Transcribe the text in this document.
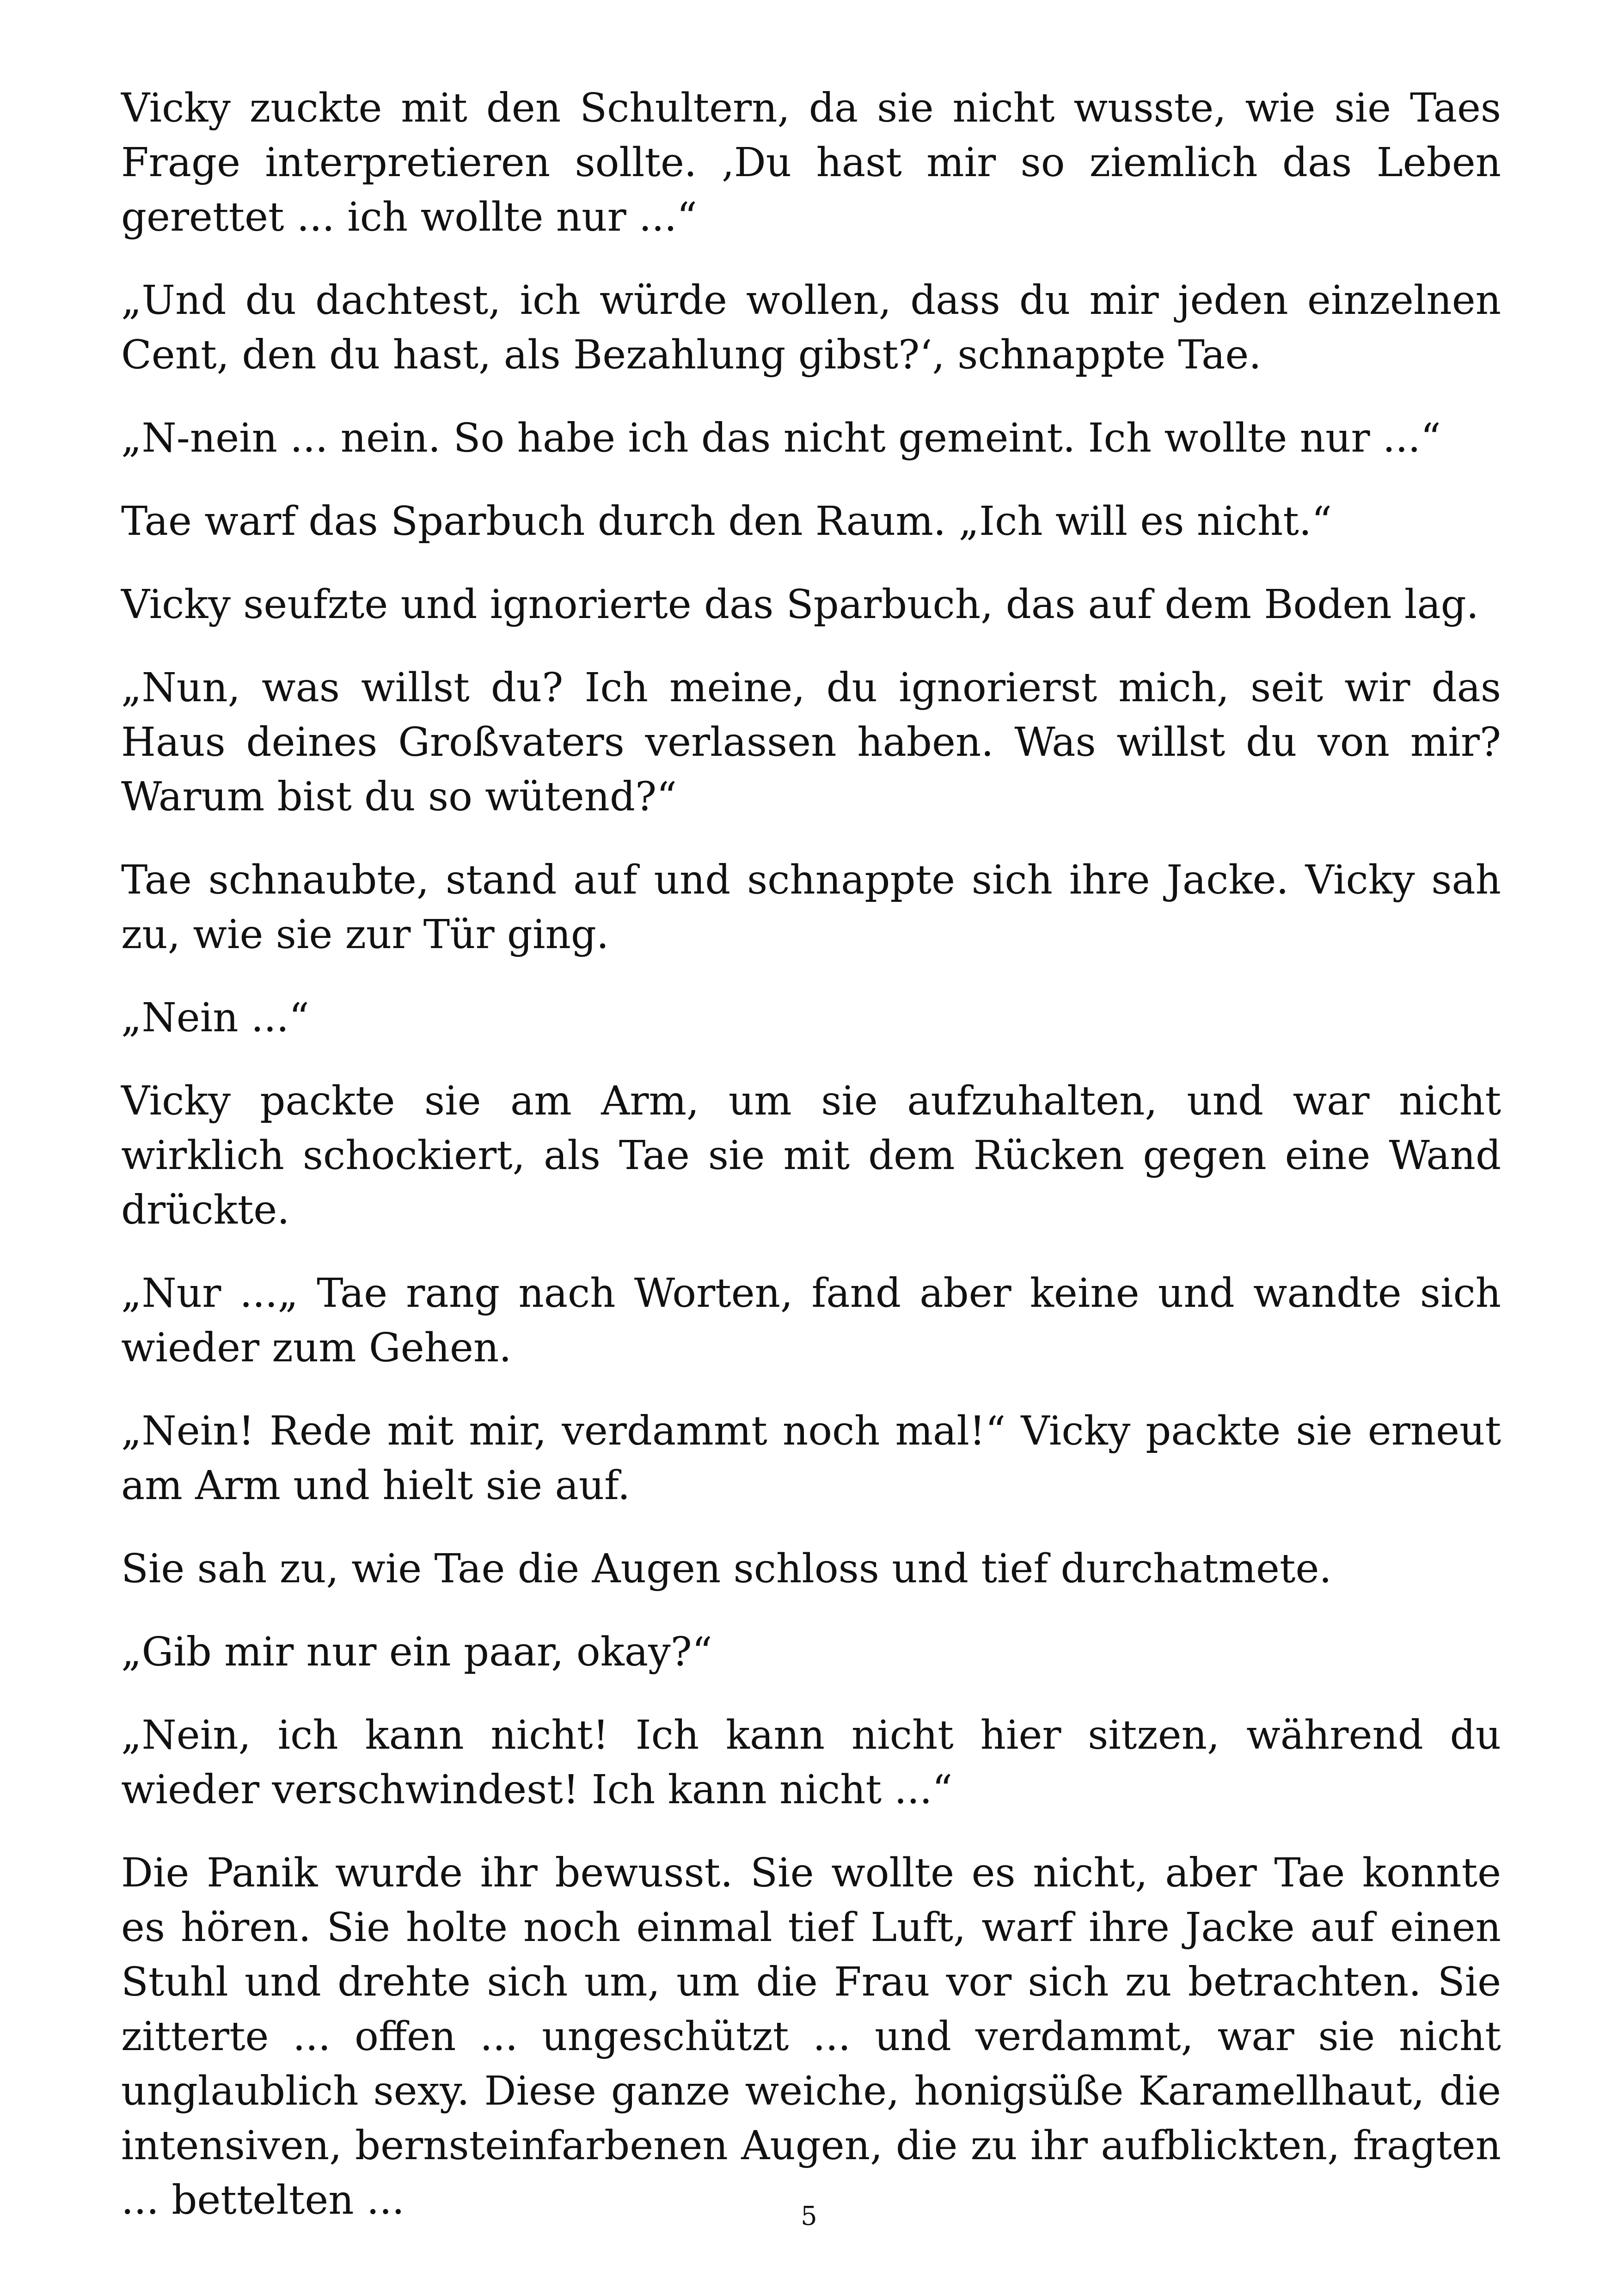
Vicky zuckte mit den Schultern, da sie nicht wusste, wie sie Taes Frage interpretieren sollte. ‚Du hast mir so ziemlich das Leben gerettet ... ich wollte nur ...“

„Und du dachtest, ich würde wollen, dass du mir jeden einzelnen Cent, den du hast, als Bezahlung gibst?‘, schnappte Tae.

„N-nein ... nein. So habe ich das nicht gemeint. Ich wollte nur ...“

Tae warf das Sparbuch durch den Raum. „Ich will es nicht.“

Vicky seufzte und ignorierte das Sparbuch, das auf dem Boden lag.

„Nun, was willst du? Ich meine, du ignorierst mich, seit wir das Haus deines Großvaters verlassen haben. Was willst du von mir? Warum bist du so wütend?“

Tae schnaubte, stand auf und schnappte sich ihre Jacke. Vicky sah zu, wie sie zur Tür ging.

„Nein ...“

Vicky packte sie am Arm, um sie aufzuhalten, und war nicht wirklich schockiert, als Tae sie mit dem Rücken gegen eine Wand drückte.

„Nur ...„ Tae rang nach Worten, fand aber keine und wandte sich wieder zum Gehen.

„Nein! Rede mit mir, verdammt noch mal!“ Vicky packte sie erneut am Arm und hielt sie auf.

Sie sah zu, wie Tae die Augen schloss und tief durchatmete.

„Gib mir nur ein paar, okay?“

„Nein, ich kann nicht! Ich kann nicht hier sitzen, während du wieder verschwindest! Ich kann nicht ...“

Die Panik wurde ihr bewusst. Sie wollte es nicht, aber Tae konnte es hören. Sie holte noch einmal tief Luft, warf ihre Jacke auf einen Stuhl und drehte sich um, um die Frau vor sich zu betrachten. Sie zitterte ... offen ... ungeschützt ... und verdammt, war sie nicht unglaublich sexy. Diese ganze weiche, honigsüße Karamellhaut, die intensiven, bernsteinfarbenen Augen, die zu ihr aufblickten, fragten ... bettelten ...	5
